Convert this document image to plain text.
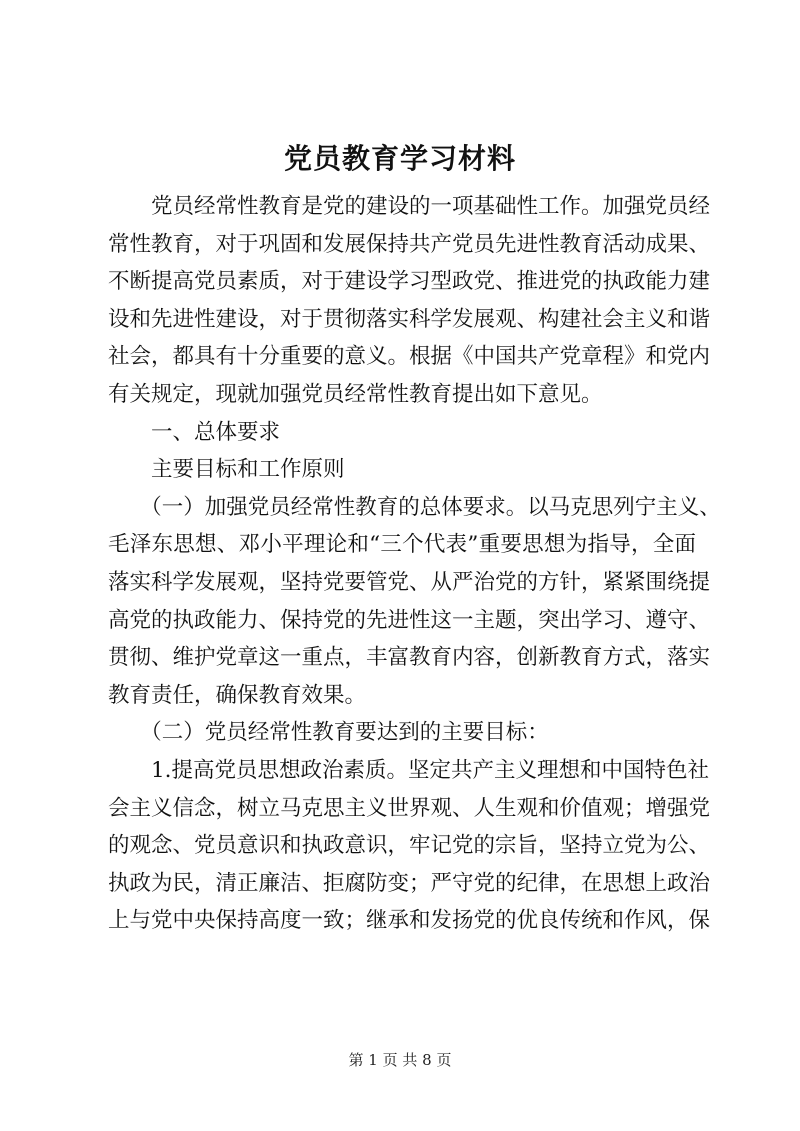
党员教育学习材料
　　党员经常性教育是党的建设的一项基础性工作。加强党员经
常性教育，对于巩固和发展保持共产党员先进性教育活动成果、
不断提高党员素质，对于建设学习型政党、推进党的执政能力建
设和先进性建设，对于贯彻落实科学发展观、构建社会主义和谐
社会，都具有十分重要的意义。根据《中国共产党章程》和党内
有关规定，现就加强党员经常性教育提出如下意见。
　　一、总体要求
　　主要目标和工作原则
　　（一）加强党员经常性教育的总体要求。以马克思列宁主义、
毛泽东思想、邓小平理论和“三个代表”重要思想为指导，全面
落实科学发展观，坚持党要管党、从严治党的方针，紧紧围绕提
高党的执政能力、保持党的先进性这一主题，突出学习、遵守、
贯彻、维护党章这一重点，丰富教育内容，创新教育方式，落实
教育责任，确保教育效果。
　　（二）党员经常性教育要达到的主要目标：
　　1.提高党员思想政治素质。坚定共产主义理想和中国特色社
会主义信念，树立马克思主义世界观、人生观和价值观；增强党
的观念、党员意识和执政意识，牢记党的宗旨，坚持立党为公、
执政为民，清正廉洁、拒腐防变；严守党的纪律，在思想上政治
上与党中央保持高度一致；继承和发扬党的优良传统和作风，保
第 1 页 共 8 页
